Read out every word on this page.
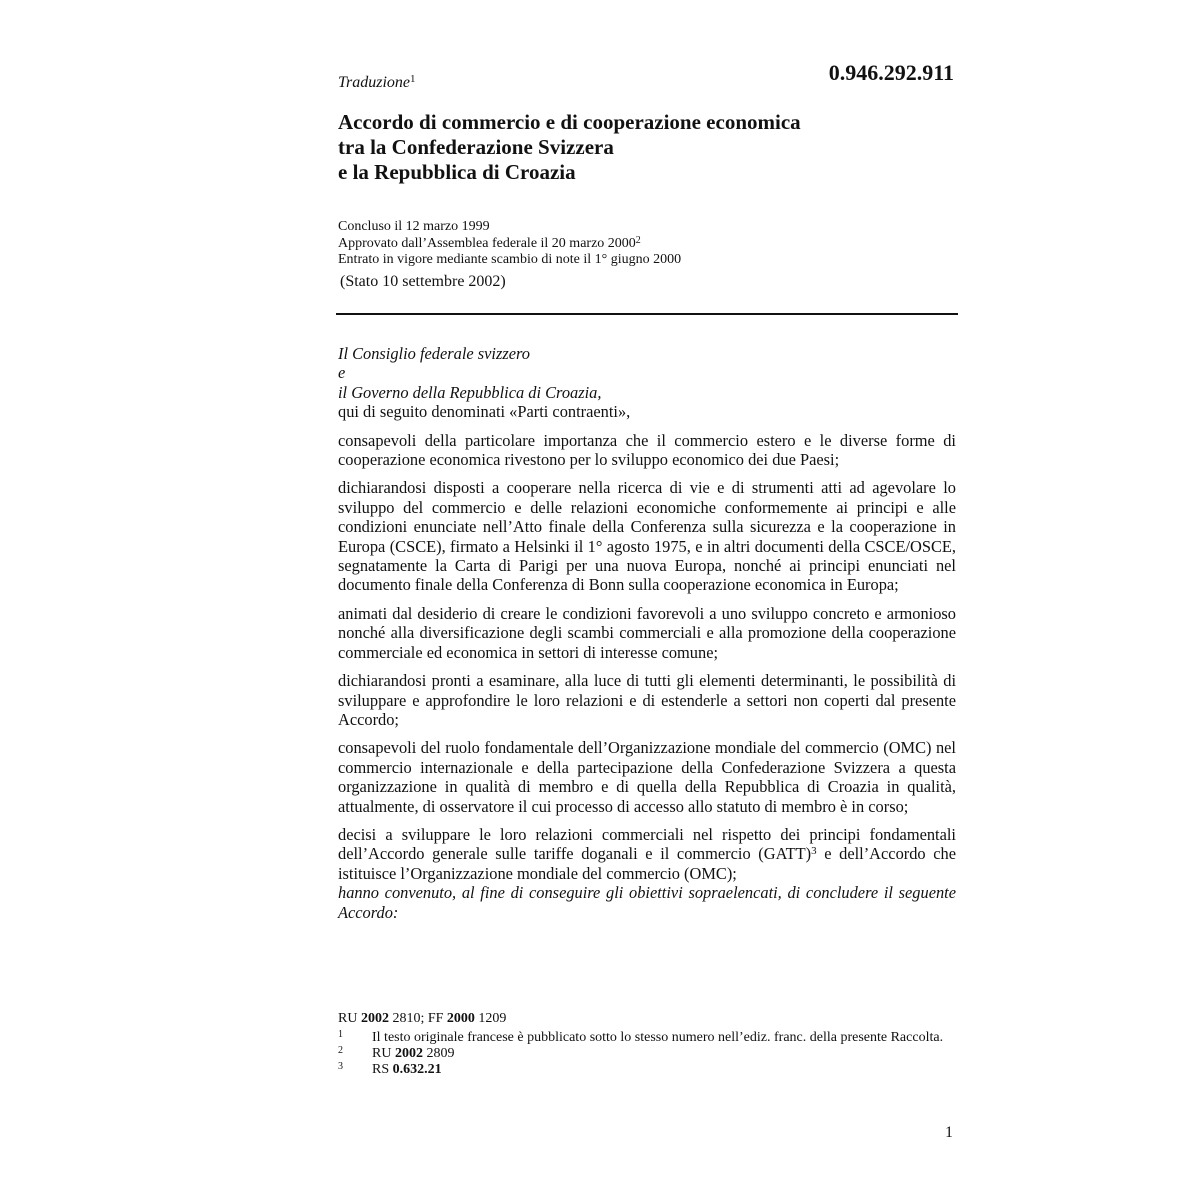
Traduzione$^1$	0.946.292.911
Accordo di commercio e di cooperazione economica
tra la Confederazione Svizzera
e la Repubblica di Croazia
Concluso il 12 marzo 1999
Approvato dall’Assemblea federale il 20 marzo 2000$^2$
Entrato in vigore mediante scambio di note il 1° giugno 2000
(Stato 10 settembre 2002)
Il Consiglio federale svizzero
e
il Governo della Repubblica di Croazia,

qui di seguito denominati «Parti contraenti»,

consapevoli della particolare importanza che il commercio estero e le diverse forme di cooperazione economica rivestono per lo sviluppo economico dei due Paesi;

dichiarandosi disposti a cooperare nella ricerca di vie e di strumenti atti ad agevolare lo sviluppo del commercio e delle relazioni economiche conformemente ai principi e alle condizioni enunciate nell’Atto finale della Conferenza sulla sicurezza e la cooperazione in Europa (CSCE), firmato a Helsinki il 1° agosto 1975, e in altri documenti della CSCE/OSCE, segnatamente la Carta di Parigi per una nuova Europa, nonché ai principi enunciati nel documento finale della Conferenza di Bonn sulla cooperazione economica in Europa;

animati dal desiderio di creare le condizioni favorevoli a uno sviluppo concreto e armonioso nonché alla diversificazione degli scambi commerciali e alla promozione della cooperazione commerciale ed economica in settori di interesse comune;

dichiarandosi pronti a esaminare, alla luce di tutti gli elementi determinanti, le possibilità di sviluppare e approfondire le loro relazioni e di estenderle a settori non coperti dal presente Accordo;

consapevoli del ruolo fondamentale dell’Organizzazione mondiale del commercio (OMC) nel commercio internazionale e della partecipazione della Confederazione Svizzera a questa organizzazione in qualità di membro e di quella della Repubblica di Croazia in qualità, attualmente, di osservatore il cui processo di accesso allo statuto di membro è in corso;

decisi a sviluppare le loro relazioni commerciali nel rispetto dei principi fondamentali dell’Accordo generale sulle tariffe doganali e il commercio (GATT)$^3$ e dell’Accordo che istituisce l’Organizzazione mondiale del commercio (OMC);

hanno convenuto, al fine di conseguire gli obiettivi sopraelencati, di concludere il seguente Accordo:

RU 2002 2810; FF 2000 1209
1 Il testo originale francese è pubblicato sotto lo stesso numero nell’ediz. franc. della presente Raccolta.
2 RU 2002 2809
3 RS 0.632.21
1
